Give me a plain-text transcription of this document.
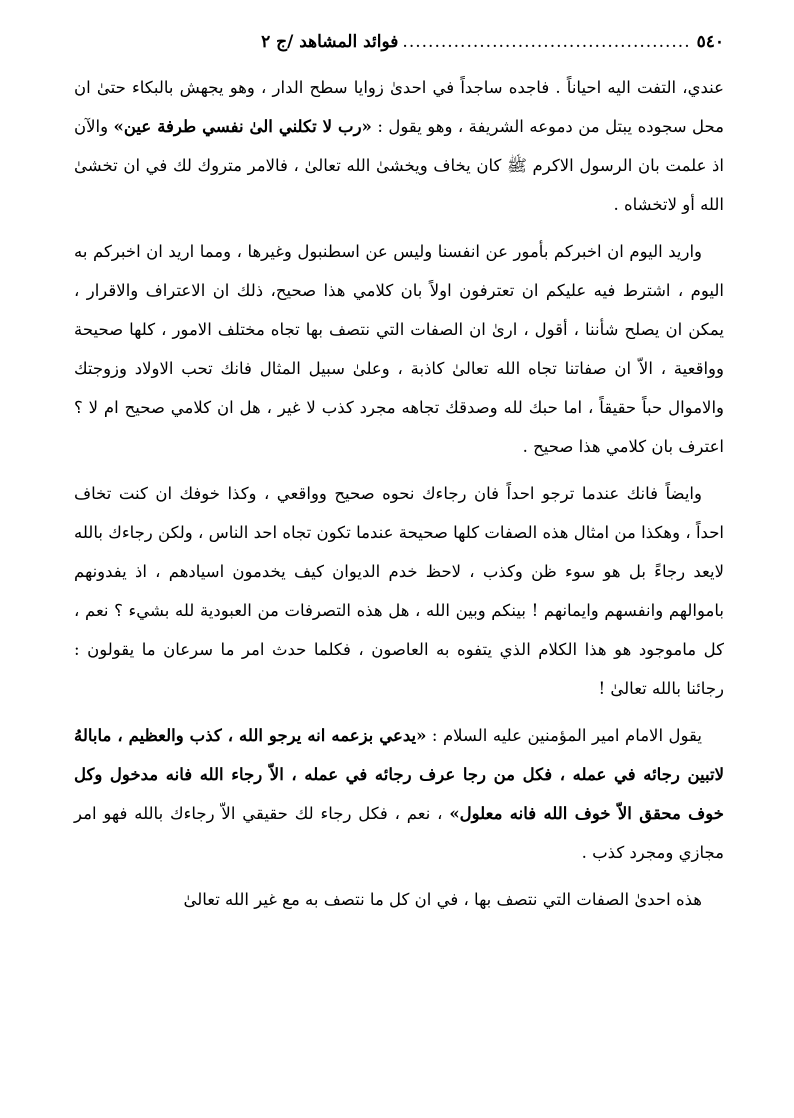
٥٤٠
.............................................
فوائد المشاهد /ج ٢

عندي، التفت اليه احياناً . فاجده ساجداً في احدىٰ زوايا سطح الدار ، وهو يجهش بالبكاء حتىٰ ان محل سجوده يبتل من دموعه الشريفة ، وهو يقول : «رب لا تكلني الىٰ نفسي طرفة عين» والآن اذ علمت بان الرسول الاكرم ﷺ كان يخاف ويخشىٰ الله تعالىٰ ، فالامر متروك لك في ان تخشىٰ الله أو لاتخشاه .

واريد اليوم ان اخبركم بأمور عن انفسنا وليس عن اسطنبول وغيرها ، ومما اريد ان اخبركم به اليوم ، اشترط فيه عليكم ان تعترفون اولاً بان كلامي هذا صحيح، ذلك ان الاعتراف والاقرار ، يمكن ان يصلح شأننا ، أقول ، ارىٰ ان الصفات التي نتصف بها تجاه مختلف الامور ، كلها صحيحة وواقعية ، الاّ ان صفاتنا تجاه الله تعالىٰ كاذبة ، وعلىٰ سبيل المثال فانك تحب الاولاد وزوجتك والاموال حباً حقيقاً ، اما حبك لله وصدقك تجاهه مجرد كذب لا غير ، هل ان كلامي صحيح ام لا ؟ اعترف بان كلامي هذا صحيح .

وايضاً فانك عندما ترجو احداً فان رجاءك نحوه صحيح وواقعي ، وكذا خوفك ان كنت تخاف احداً ، وهكذا من امثال هذه الصفات كلها صحيحة عندما تكون تجاه احد الناس ، ولكن رجاءك بالله لايعد رجاءً بل هو سوء ظن وكذب ، لاحظ خدم الديوان كيف يخدمون اسيادهم ، اذ يفدونهم باموالهم وانفسهم وايمانهم ! بينكم وبين الله ، هل هذه التصرفات من العبودية لله بشيء ؟ نعم ، كل ماموجود هو هذا الكلام الذي يتفوه به العاصون ، فكلما حدث امر ما سرعان ما يقولون : رجائنا بالله تعالىٰ !

يقول الامام امير المؤمنين عليه السلام : «يدعي بزعمه انه يرجو الله ، كذب والعظيم ، مابالهُ لاتبين رجائه في عمله ، فكل من رجا عرف رجائه في عمله ، الاّ رجاء الله فانه مدخول وكل خوف محقق الاّ خوف الله فانه معلول» ، نعم ، فكل رجاء لك حقيقي الاّ رجاءك بالله فهو امر مجازي ومجرد كذب .

هذه احدىٰ الصفات التي نتصف بها ، في ان كل ما نتصف به مع غير الله تعالىٰ
